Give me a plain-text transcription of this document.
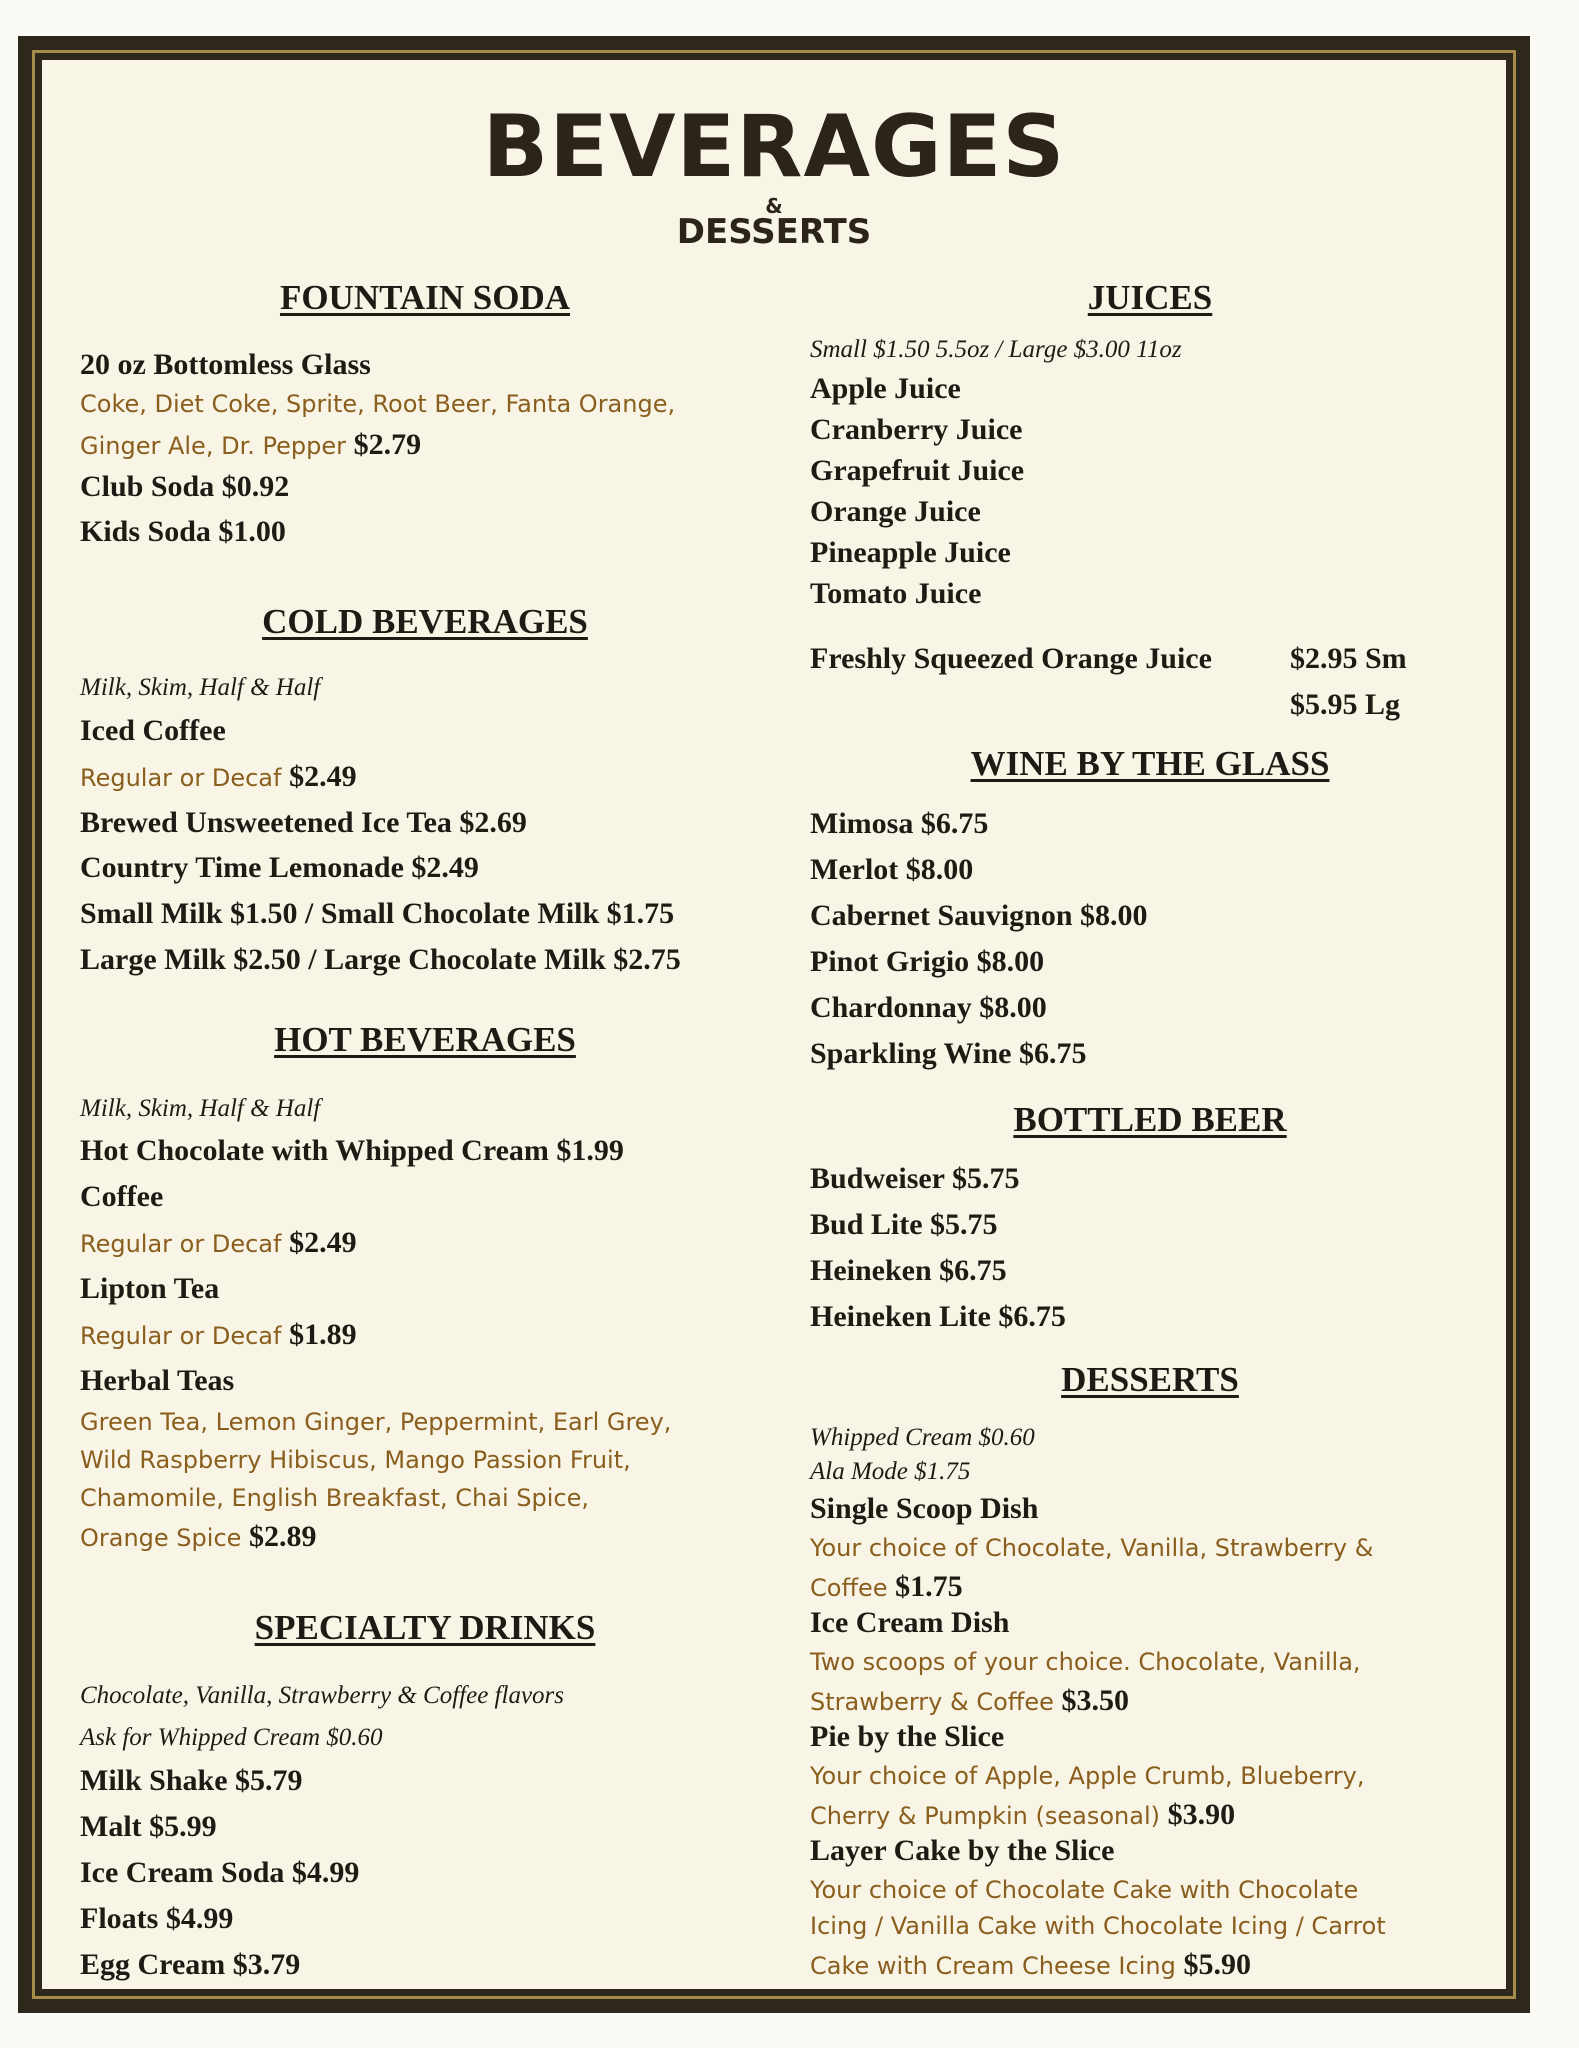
BEVERAGES
&
DESSERTS
FOUNTAIN SODA
20 oz Bottomless Glass
Coke, Diet Coke, Sprite, Root Beer, Fanta Orange,
Ginger Ale, Dr. Pepper $2.79
Club Soda $0.92
Kids Soda $1.00
COLD BEVERAGES
Milk, Skim, Half & Half
Iced Coffee
Regular or Decaf $2.49
Brewed Unsweetened Ice Tea $2.69
Country Time Lemonade $2.49
Small Milk $1.50 / Small Chocolate Milk $1.75
Large Milk $2.50 / Large Chocolate Milk $2.75
HOT BEVERAGES
Milk, Skim, Half & Half
Hot Chocolate with Whipped Cream $1.99
Coffee
Regular or Decaf $2.49
Lipton Tea
Regular or Decaf $1.89
Herbal Teas
Green Tea, Lemon Ginger, Peppermint, Earl Grey,
Wild Raspberry Hibiscus, Mango Passion Fruit,
Chamomile, English Breakfast, Chai Spice,
Orange Spice $2.89
SPECIALTY DRINKS
Chocolate, Vanilla, Strawberry & Coffee flavors
Ask for Whipped Cream $0.60
Milk Shake $5.79
Malt $5.99
Ice Cream Soda $4.99
Floats $4.99
Egg Cream $3.79
JUICES
Small $1.50 5.5oz / Large $3.00 11oz
Apple Juice
Cranberry Juice
Grapefruit Juice
Orange Juice
Pineapple Juice
Tomato Juice
Freshly Squeezed Orange Juice	$2.95 Sm
$5.95 Lg
WINE BY THE GLASS
Mimosa $6.75
Merlot $8.00
Cabernet Sauvignon $8.00
Pinot Grigio $8.00
Chardonnay $8.00
Sparkling Wine $6.75
BOTTLED BEER
Budweiser $5.75
Bud Lite $5.75
Heineken $6.75
Heineken Lite $6.75
DESSERTS
Whipped Cream $0.60
Ala Mode $1.75
Single Scoop Dish
Your choice of Chocolate, Vanilla, Strawberry &
Coffee $1.75
Ice Cream Dish
Two scoops of your choice. Chocolate, Vanilla,
Strawberry & Coffee $3.50
Pie by the Slice
Your choice of Apple, Apple Crumb, Blueberry,
Cherry & Pumpkin (seasonal) $3.90
Layer Cake by the Slice
Your choice of Chocolate Cake with Chocolate
Icing / Vanilla Cake with Chocolate Icing / Carrot
Cake with Cream Cheese Icing $5.90
